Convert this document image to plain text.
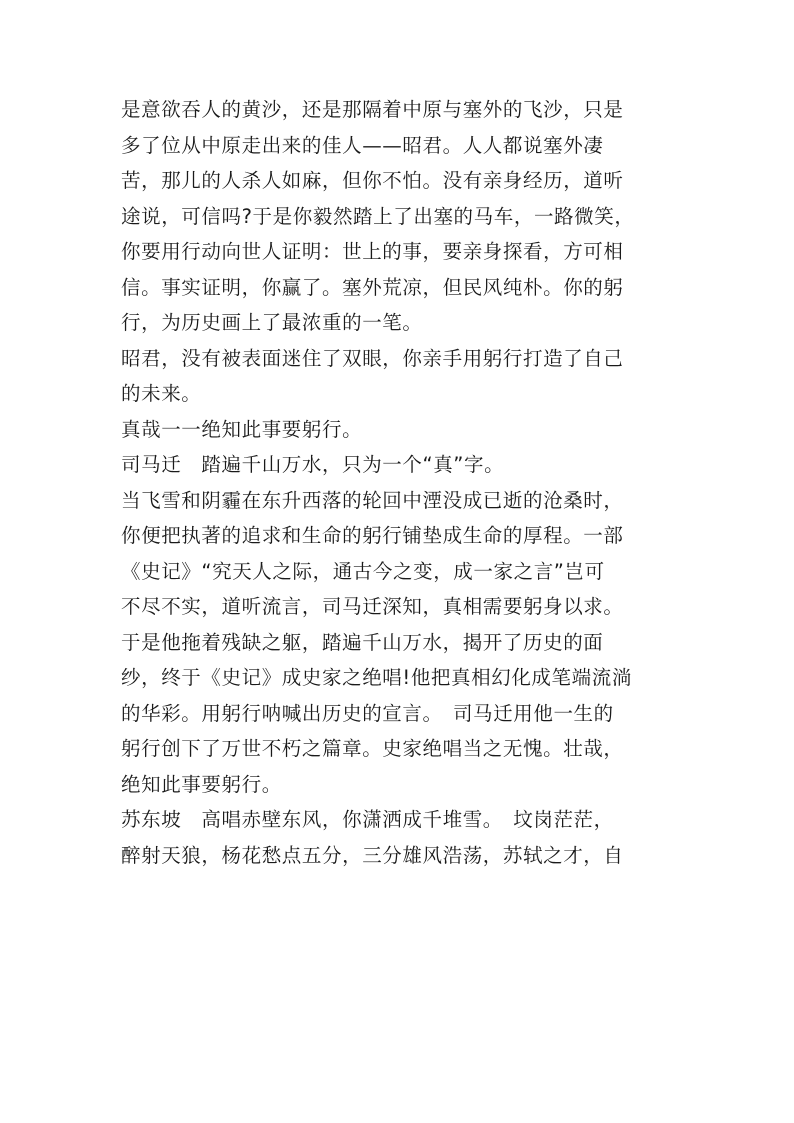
是意欲吞人的黄沙，还是那隔着中原与塞外的飞沙，只是
多了位从中原走出来的佳人——昭君。人人都说塞外凄
苦，那儿的人杀人如麻，但你不怕。没有亲身经历，道听
途说，可信吗?于是你毅然踏上了出塞的马车，一路微笑，
你要用行动向世人证明：世上的事，要亲身探看，方可相
信。事实证明，你赢了。塞外荒凉，但民风纯朴。你的躬
行，为历史画上了最浓重的一笔。
昭君，没有被表面迷住了双眼，你亲手用躬行打造了自己
的未来。
真哉一一绝知此事要躬行。
司马迁　踏遍千山万水，只为一个“真”字。
当飞雪和阴霾在东升西落的轮回中湮没成已逝的沧桑时，
你便把执著的追求和生命的躬行铺垫成生命的厚程。一部
《史记》“究天人之际，通古今之变，成一家之言”岂可
不尽不实，道听流言，司马迁深知，真相需要躬身以求。
于是他拖着残缺之躯，踏遍千山万水，揭开了历史的面
纱，终于《史记》成史家之绝唱!他把真相幻化成笔端流淌
的华彩。用躬行呐喊出历史的宣言。　司马迁用他一生的
躬行创下了万世不朽之篇章。史家绝唱当之无愧。壮哉，
绝知此事要躬行。
苏东坡　高唱赤壁东风，你潇洒成千堆雪。　坟岗茫茫，
醉射天狼，杨花愁点五分，三分雄风浩荡，苏轼之才，自
